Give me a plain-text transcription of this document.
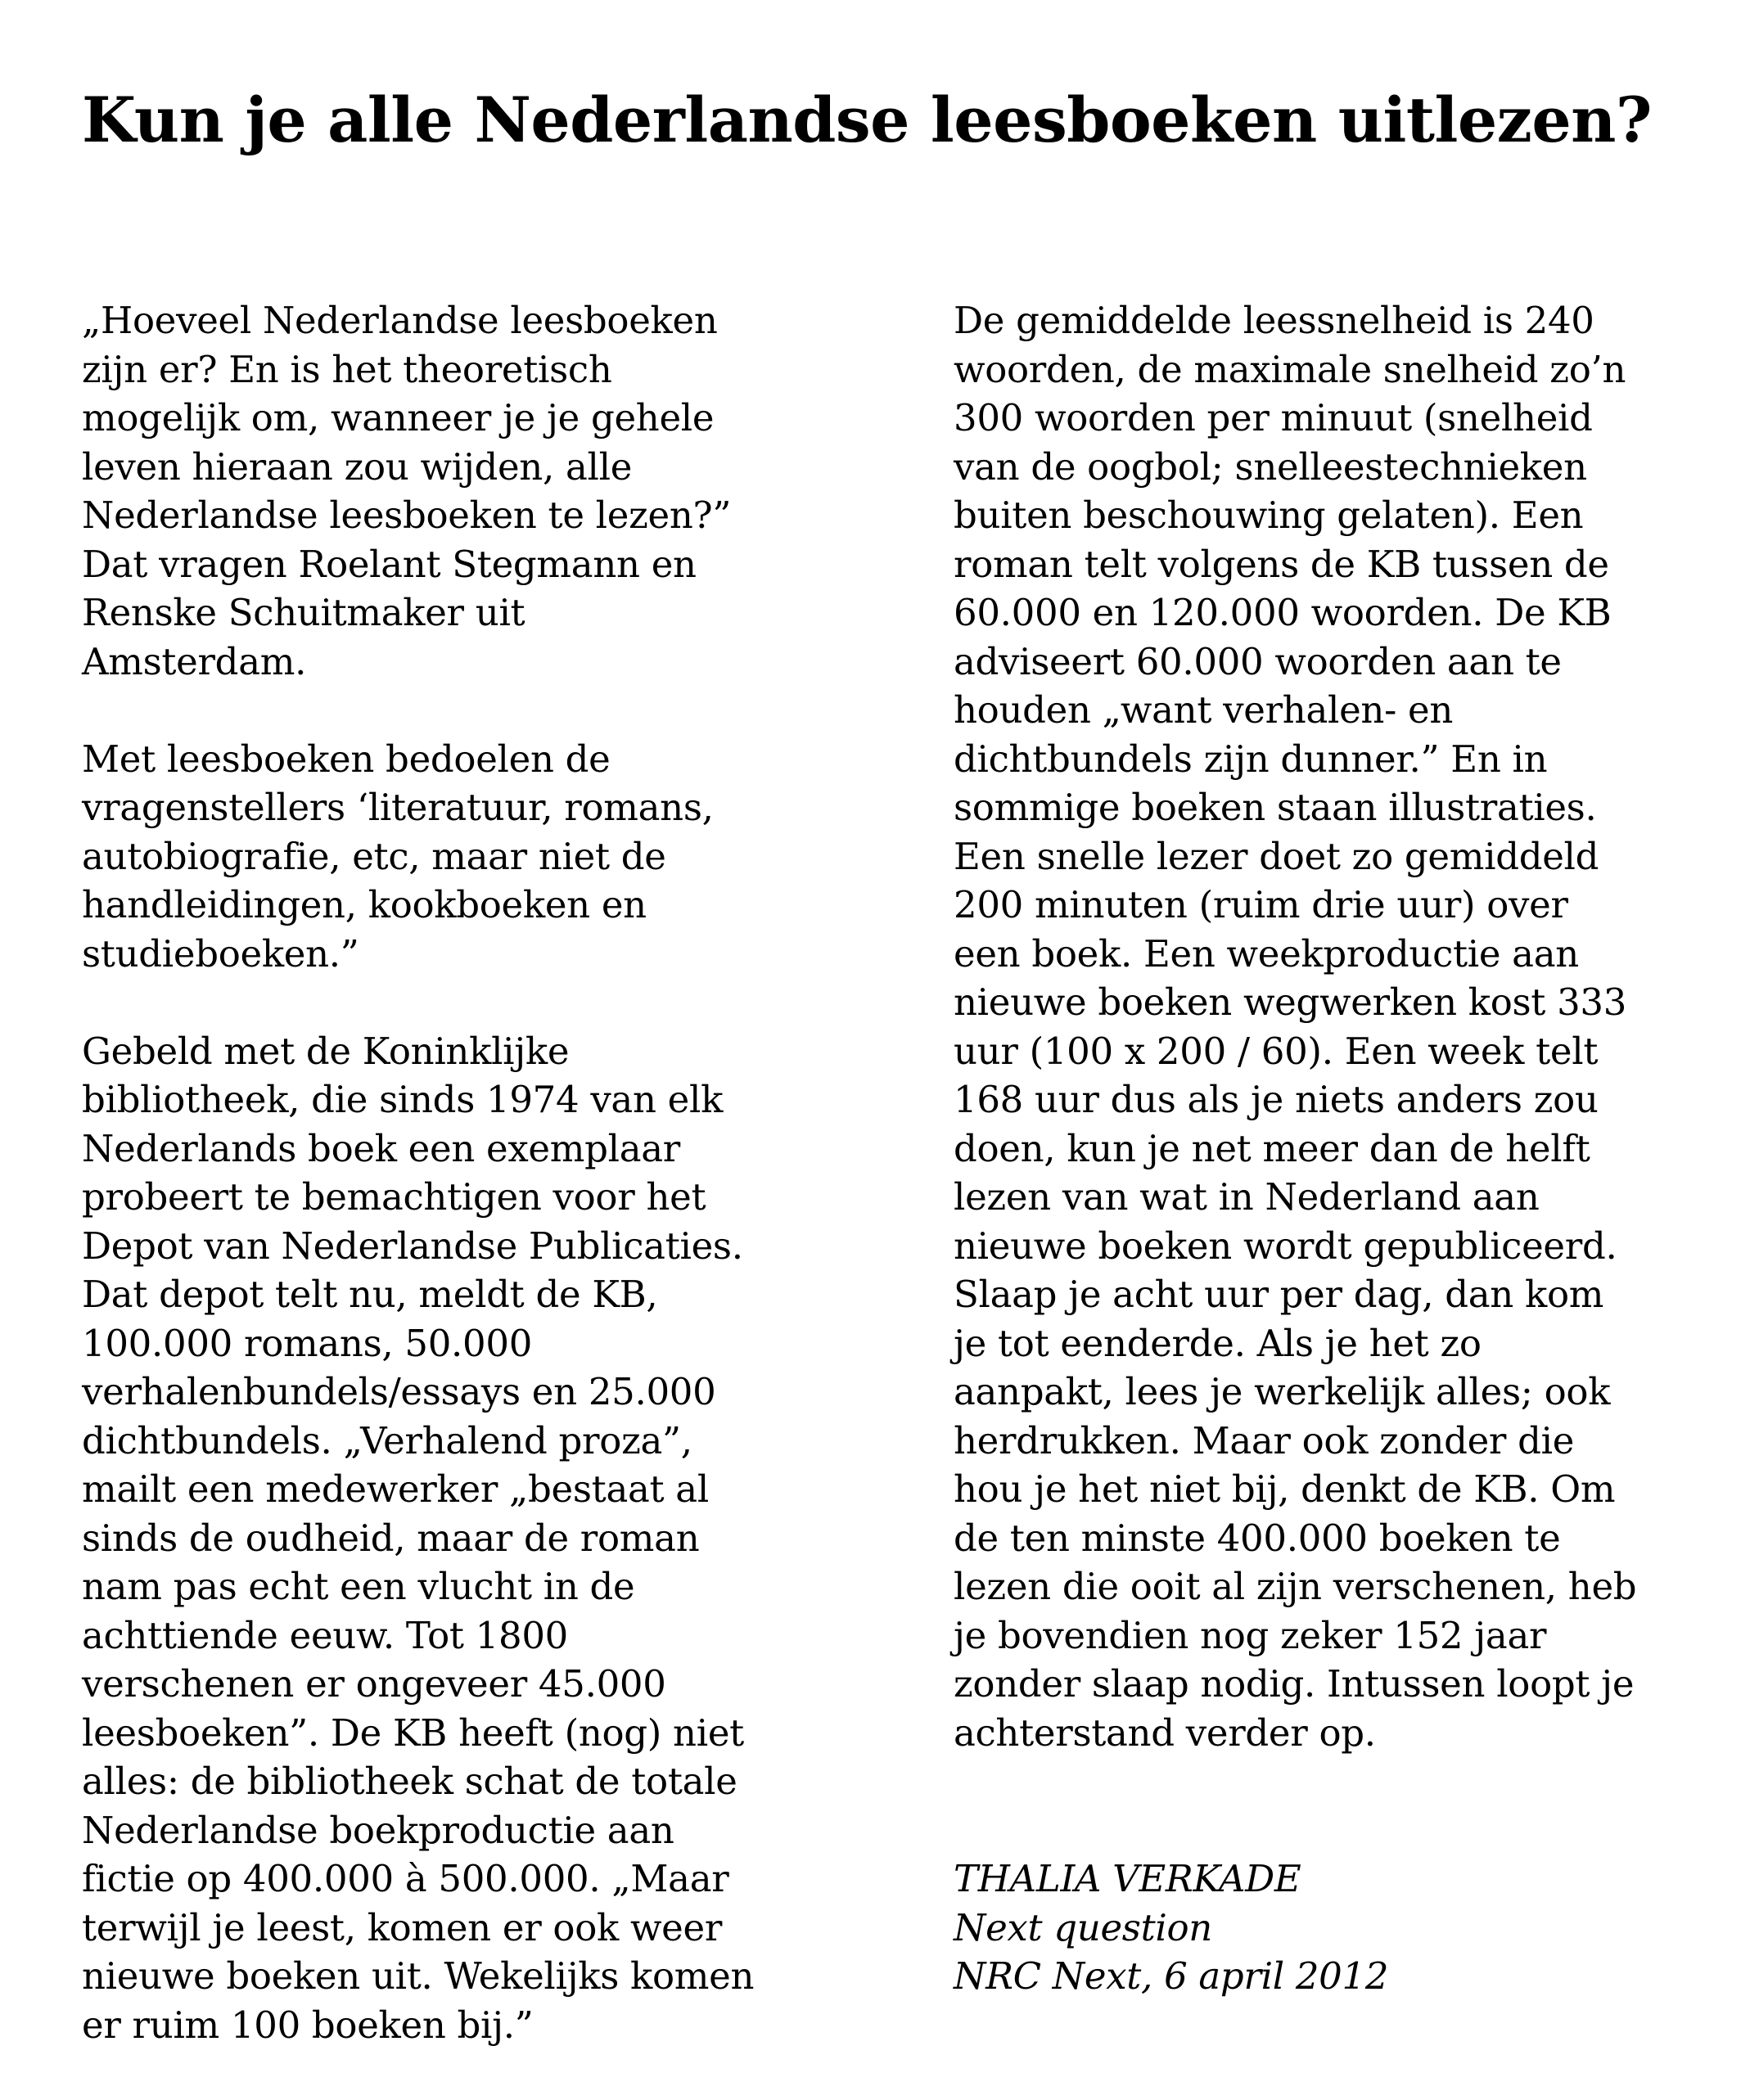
Kun je alle Nederlandse leesboeken uitlezen?
„Hoeveel Nederlandse leesboeken
zijn er? En is het theoretisch
mogelijk om, wanneer je je gehele
leven hieraan zou wijden, alle
Nederlandse leesboeken te lezen?”
Dat vragen Roelant Stegmann en
Renske Schuitmaker uit
Amsterdam.
Met leesboeken bedoelen de
vragenstellers ‘literatuur, romans,
autobiografie, etc, maar niet de
handleidingen, kookboeken en
studieboeken.”
Gebeld met de Koninklijke
bibliotheek, die sinds 1974 van elk
Nederlands boek een exemplaar
probeert te bemachtigen voor het
Depot van Nederlandse Publicaties.
Dat depot telt nu, meldt de KB,
100.000 romans, 50.000
verhalenbundels/essays en 25.000
dichtbundels. „Verhalend proza”,
mailt een medewerker „bestaat al
sinds de oudheid, maar de roman
nam pas echt een vlucht in de
achttiende eeuw. Tot 1800
verschenen er ongeveer 45.000
leesboeken”. De KB heeft (nog) niet
alles: de bibliotheek schat de totale
Nederlandse boekproductie aan
fictie op 400.000 à 500.000. „Maar
terwijl je leest, komen er ook weer
nieuwe boeken uit. Wekelijks komen
er ruim 100 boeken bij.”
De gemiddelde leessnelheid is 240
woorden, de maximale snelheid zo’n
300 woorden per minuut (snelheid
van de oogbol; snelleestechnieken
buiten beschouwing gelaten). Een
roman telt volgens de KB tussen de
60.000 en 120.000 woorden. De KB
adviseert 60.000 woorden aan te
houden „want verhalen- en
dichtbundels zijn dunner.” En in
sommige boeken staan illustraties.
Een snelle lezer doet zo gemiddeld
200 minuten (ruim drie uur) over
een boek. Een weekproductie aan
nieuwe boeken wegwerken kost 333
uur (100 x 200 / 60). Een week telt
168 uur dus als je niets anders zou
doen, kun je net meer dan de helft
lezen van wat in Nederland aan
nieuwe boeken wordt gepubliceerd.
Slaap je acht uur per dag, dan kom
je tot eenderde. Als je het zo
aanpakt, lees je werkelijk alles; ook
herdrukken. Maar ook zonder die
hou je het niet bij, denkt de KB. Om
de ten minste 400.000 boeken te
lezen die ooit al zijn verschenen, heb
je bovendien nog zeker 152 jaar
zonder slaap nodig. Intussen loopt je
achterstand verder op.
THALIA VERKADE
Next question
NRC Next, 6 april 2012
